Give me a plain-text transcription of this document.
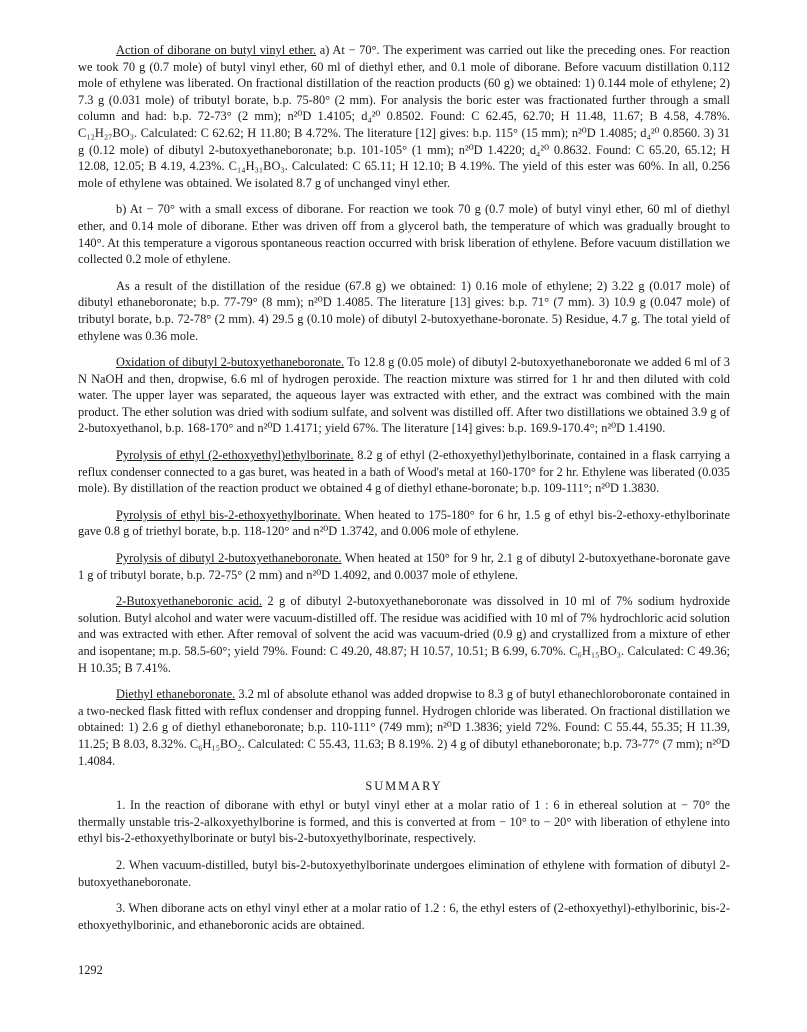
Action of diborane on butyl vinyl ether. a) At − 70°. The experiment was carried out like the preceding ones. For reaction we took 70 g (0.7 mole) of butyl vinyl ether, 60 ml of diethyl ether, and 0.1 mole of diborane. Before vacuum distillation 0.112 mole of ethylene was liberated. On fractional distillation of the reaction products (60 g) we obtained: 1) 0.144 mole of ethylene; 2) 7.3 g (0.031 mole) of tributyl borate, b.p. 75-80° (2 mm). For analysis the boric ester was fractionated further through a small column and had: b.p. 72-73° (2 mm); n²⁰D 1.4105; d₄²⁰ 0.8502. Found: C 62.45, 62.70; H 11.48, 11.67; B 4.58, 4.78%. C₁₂H₂₇BO₃. Calculated: C 62.62; H 11.80; B 4.72%. The literature [12] gives: b.p. 115° (15 mm); n²⁰D 1.4085; d₄²⁰ 0.8560. 3) 31 g (0.12 mole) of dibutyl 2-butoxyethaneboronate; b.p. 101-105° (1 mm); n²⁰D 1.4220; d₄²⁰ 0.8632. Found: C 65.20, 65.12; H 12.08, 12.05; B 4.19, 4.23%. C₁₄H₃₁BO₃. Calculated: C 65.11; H 12.10; B 4.19%. The yield of this ester was 60%. In all, 0.256 mole of ethylene was obtained. We isolated 8.7 g of unchanged vinyl ether.

b) At − 70° with a small excess of diborane. For reaction we took 70 g (0.7 mole) of butyl vinyl ether, 60 ml of diethyl ether, and 0.14 mole of diborane. Ether was driven off from a glycerol bath, the temperature of which was gradually brought to 140°. At this temperature a vigorous spontaneous reaction occurred with brisk liberation of ethylene. Before vacuum distillation we collected 0.2 mole of ethylene.

As a result of the distillation of the residue (67.8 g) we obtained: 1) 0.16 mole of ethylene; 2) 3.22 g (0.017 mole) of dibutyl ethaneboronate; b.p. 77-79° (8 mm); n²⁰D 1.4085. The literature [13] gives: b.p. 71° (7 mm). 3) 10.9 g (0.047 mole) of tributyl borate, b.p. 72-78° (2 mm). 4) 29.5 g (0.10 mole) of dibutyl 2-butoxyethane-boronate. 5) Residue, 4.7 g. The total yield of ethylene was 0.36 mole.

Oxidation of dibutyl 2-butoxyethaneboronate. To 12.8 g (0.05 mole) of dibutyl 2-butoxyethaneboronate we added 6 ml of 3 N NaOH and then, dropwise, 6.6 ml of hydrogen peroxide. The reaction mixture was stirred for 1 hr and then diluted with cold water. The upper layer was separated, the aqueous layer was extracted with ether, and the extract was combined with the main product. The ether solution was dried with sodium sulfate, and solvent was distilled off. After two distillations we obtained 3.9 g of 2-butoxyethanol, b.p. 168-170° and n²⁰D 1.4171; yield 67%. The literature [14] gives: b.p. 169.9-170.4°; n²⁰D 1.4190.

Pyrolysis of ethyl (2-ethoxyethyl)ethylborinate. 8.2 g of ethyl (2-ethoxyethyl)ethylborinate, contained in a flask carrying a reflux condenser connected to a gas buret, was heated in a bath of Wood's metal at 160-170° for 2 hr. Ethylene was liberated (0.035 mole). By distillation of the reaction product we obtained 4 g of diethyl ethane-boronate; b.p. 109-111°; n²⁰D 1.3830.

Pyrolysis of ethyl bis-2-ethoxyethylborinate. When heated to 175-180° for 6 hr, 1.5 g of ethyl bis-2-ethoxy-ethylborinate gave 0.8 g of triethyl borate, b.p. 118-120° and n²⁰D 1.3742, and 0.006 mole of ethylene.

Pyrolysis of dibutyl 2-butoxyethaneboronate. When heated at 150° for 9 hr, 2.1 g of dibutyl 2-butoxyethane-boronate gave 1 g of tributyl borate, b.p. 72-75° (2 mm) and n²⁰D 1.4092, and 0.0037 mole of ethylene.

2-Butoxyethaneboronic acid. 2 g of dibutyl 2-butoxyethaneboronate was dissolved in 10 ml of 7% sodium hydroxide solution. Butyl alcohol and water were vacuum-distilled off. The residue was acidified with 10 ml of 7% hydrochloric acid solution and was extracted with ether. After removal of solvent the acid was vacuum-dried (0.9 g) and crystallized from a mixture of ether and isopentane; m.p. 58.5-60°; yield 79%. Found: C 49.20, 48.87; H 10.57, 10.51; B 6.99, 6.70%. C₆H₁₅BO₃. Calculated: C 49.36; H 10.35; B 7.41%.

Diethyl ethaneboronate. 3.2 ml of absolute ethanol was added dropwise to 8.3 g of butyl ethanechloroboronate contained in a two-necked flask fitted with reflux condenser and dropping funnel. Hydrogen chloride was liberated. On fractional distillation we obtained: 1) 2.6 g of diethyl ethaneboronate; b.p. 110-111° (749 mm); n²⁰D 1.3836; yield 72%. Found: C 55.44, 55.35; H 11.39, 11.25; B 8.03, 8.32%. C₆H₁₅BO₂. Calculated: C 55.43, 11.63; B 8.19%. 2) 4 g of dibutyl ethaneboronate; b.p. 73-77° (7 mm); n²⁰D 1.4084.

SUMMARY

1. In the reaction of diborane with ethyl or butyl vinyl ether at a molar ratio of 1 : 6 in ethereal solution at − 70° the thermally unstable tris-2-alkoxyethylborine is formed, and this is converted at from − 10° to − 20° with liberation of ethylene into ethyl bis-2-ethoxyethylborinate or butyl bis-2-butoxyethylborinate, respectively.

2. When vacuum-distilled, butyl bis-2-butoxyethylborinate undergoes elimination of ethylene with formation of dibutyl 2-butoxyethaneboronate.

3. When diborane acts on ethyl vinyl ether at a molar ratio of 1.2 : 6, the ethyl esters of (2-ethoxyethyl)-ethylborinic, bis-2-ethoxyethylborinic, and ethaneboronic acids are obtained.

1292
